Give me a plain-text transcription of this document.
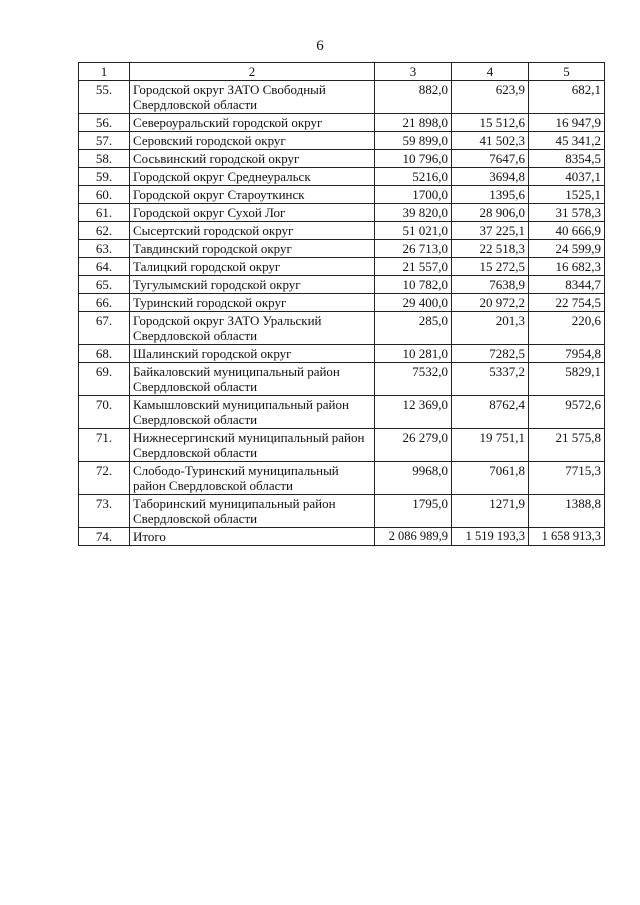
6
1	2	3	4	5
55.	Городской округ ЗАТО Свободный Свердловской области	882,0	623,9	682,1
56.	Североуральский городской округ	21 898,0	15 512,6	16 947,9
57.	Серовский городской округ	59 899,0	41 502,3	45 341,2
58.	Сосьвинский городской округ	10 796,0	7647,6	8354,5
59.	Городской округ Среднеуральск	5216,0	3694,8	4037,1
60.	Городской округ Староуткинск	1700,0	1395,6	1525,1
61.	Городской округ Сухой Лог	39 820,0	28 906,0	31 578,3
62.	Сысертский городской округ	51 021,0	37 225,1	40 666,9
63.	Тавдинский городской округ	26 713,0	22 518,3	24 599,9
64.	Талицкий городской округ	21 557,0	15 272,5	16 682,3
65.	Тугулымский городской округ	10 782,0	7638,9	8344,7
66.	Туринский городской округ	29 400,0	20 972,2	22 754,5
67.	Городской округ ЗАТО Уральский Свердловской области	285,0	201,3	220,6
68.	Шалинский городской округ	10 281,0	7282,5	7954,8
69.	Байкаловский муниципальный район Свердловской области	7532,0	5337,2	5829,1
70.	Камышловский муниципальный район Свердловской области	12 369,0	8762,4	9572,6
71.	Нижнесергинский муниципальный район Свердловской области	26 279,0	19 751,1	21 575,8
72.	Слободо-Туринский муниципальный район Свердловской области	9968,0	7061,8	7715,3
73.	Таборинский муниципальный район Свердловской области	1795,0	1271,9	1388,8
74.	Итого	2 086 989,9	1 519 193,3	1 658 913,3
